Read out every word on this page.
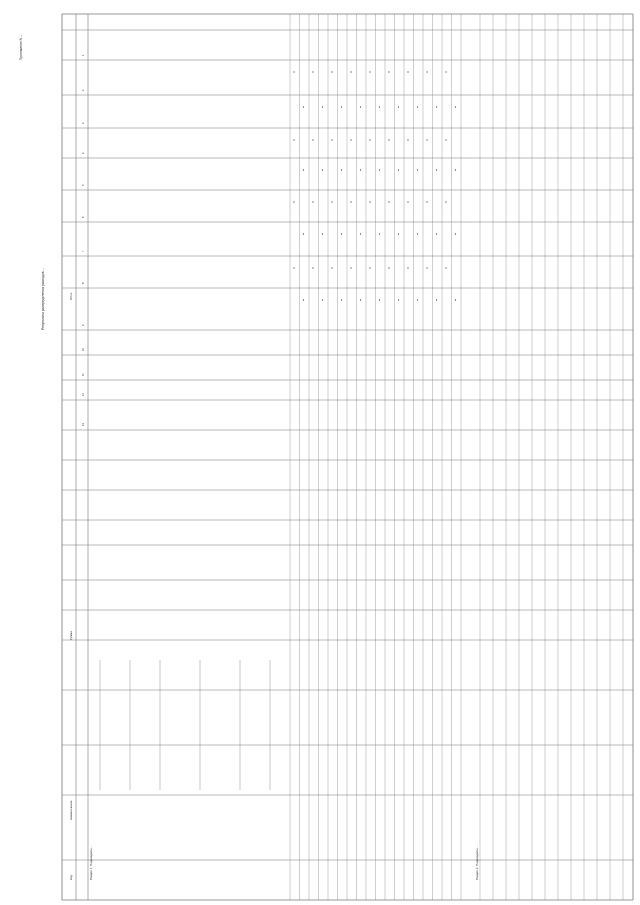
Приложение N ...
Результаты распределения расходов ...
Раздел 1. Подразделы ...	Раздел 2. Подразделы ...
Код
Наименование
Сумма
Итого
1
2
3
4
5
6
7
8
9
10
11
12
13
